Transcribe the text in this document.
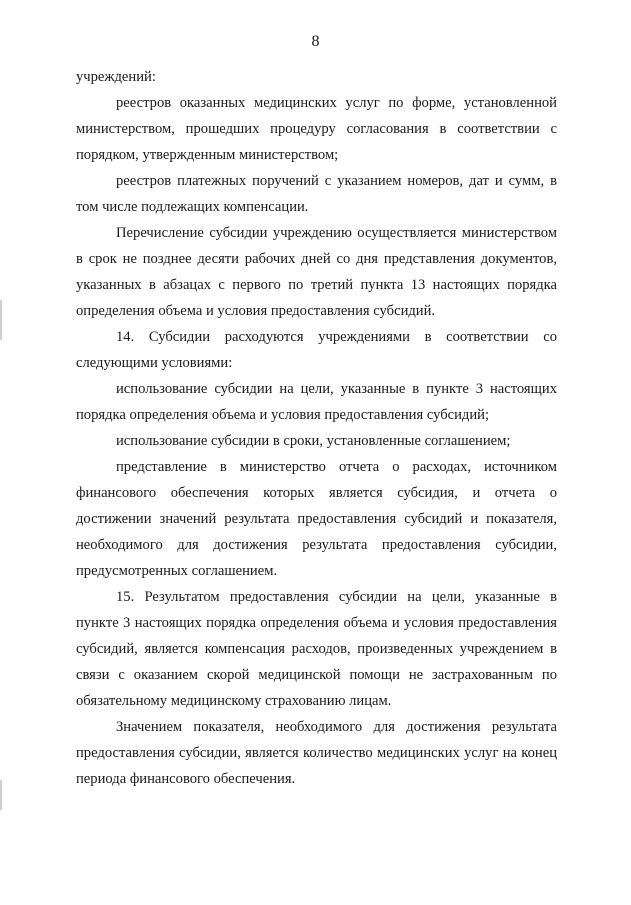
8

учреждений:

реестров оказанных медицинских услуг по форме, установленной министерством, прошедших процедуру согласования в соответствии с порядком, утвержденным министерством;

реестров платежных поручений с указанием номеров, дат и сумм, в том числе подлежащих компенсации.

Перечисление субсидии учреждению осуществляется министерством в срок не позднее десяти рабочих дней со дня представления документов, указанных в абзацах с первого по третий пункта 13 настоящих порядка определения объема и условия предоставления субсидий.

14. Субсидии расходуются учреждениями в соответствии со следующими условиями:

использование субсидии на цели, указанные в пункте 3 настоящих порядка определения объема и условия предоставления субсидий;

использование субсидии в сроки, установленные соглашением;

представление в министерство отчета о расходах, источником финансового обеспечения которых является субсидия, и отчета о достижении значений результата предоставления субсидий и показателя, необходимого для достижения результата предоставления субсидии, предусмотренных соглашением.

15. Результатом предоставления субсидии на цели, указанные в пункте 3 настоящих порядка определения объема и условия предоставления субсидий, является компенсация расходов, произведенных учреждением в связи с оказанием скорой медицинской помощи не застрахованным по обязательному медицинскому страхованию лицам.

Значением показателя, необходимого для достижения результата предоставления субсидии, является количество медицинских услуг на конец периода финансового обеспечения.
